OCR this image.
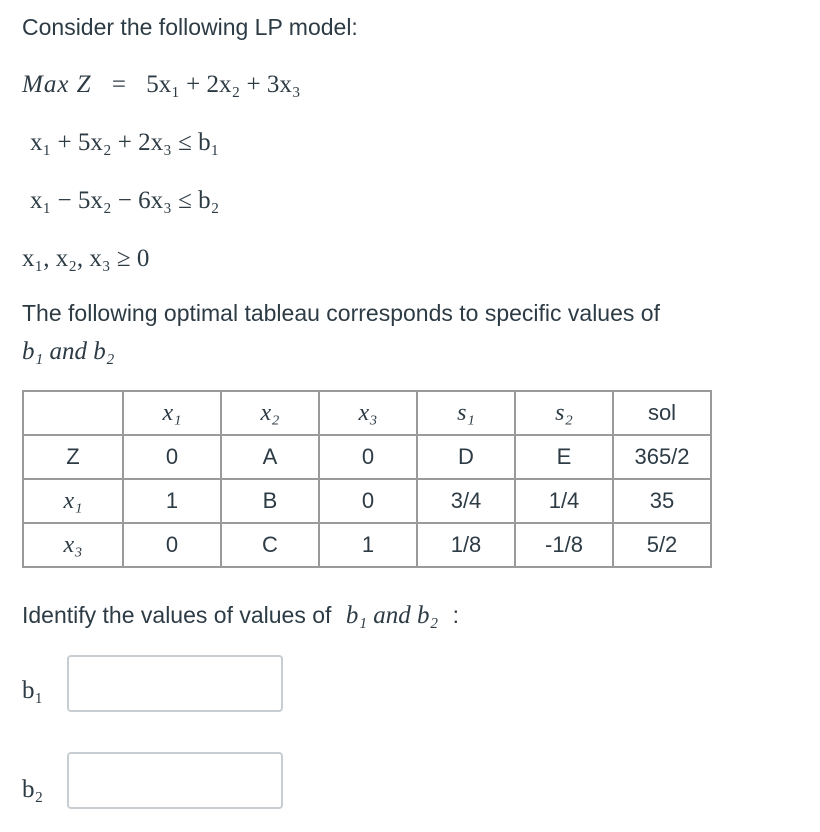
Consider the following LP model:
Max Z = 5x₁ + 2x₂ + 3x₃
x₁ + 5x₂ + 2x₃ ≤ b₁
x₁ − 5x₂ − 6x₃ ≤ b₂
x₁, x₂, x₃ ≥ 0
The following optimal tableau corresponds to specific values of
b₁ and b₂
	x₁	x₂	x₃	s₁	s₂	sol
Z	0	A	0	D	E	365/2
x₁	1	B	0	3/4	1/4	35
x₃	0	C	1	1/8	-1/8	5/2
Identify the values of values of b₁ and b₂ :
b₁
b₂
